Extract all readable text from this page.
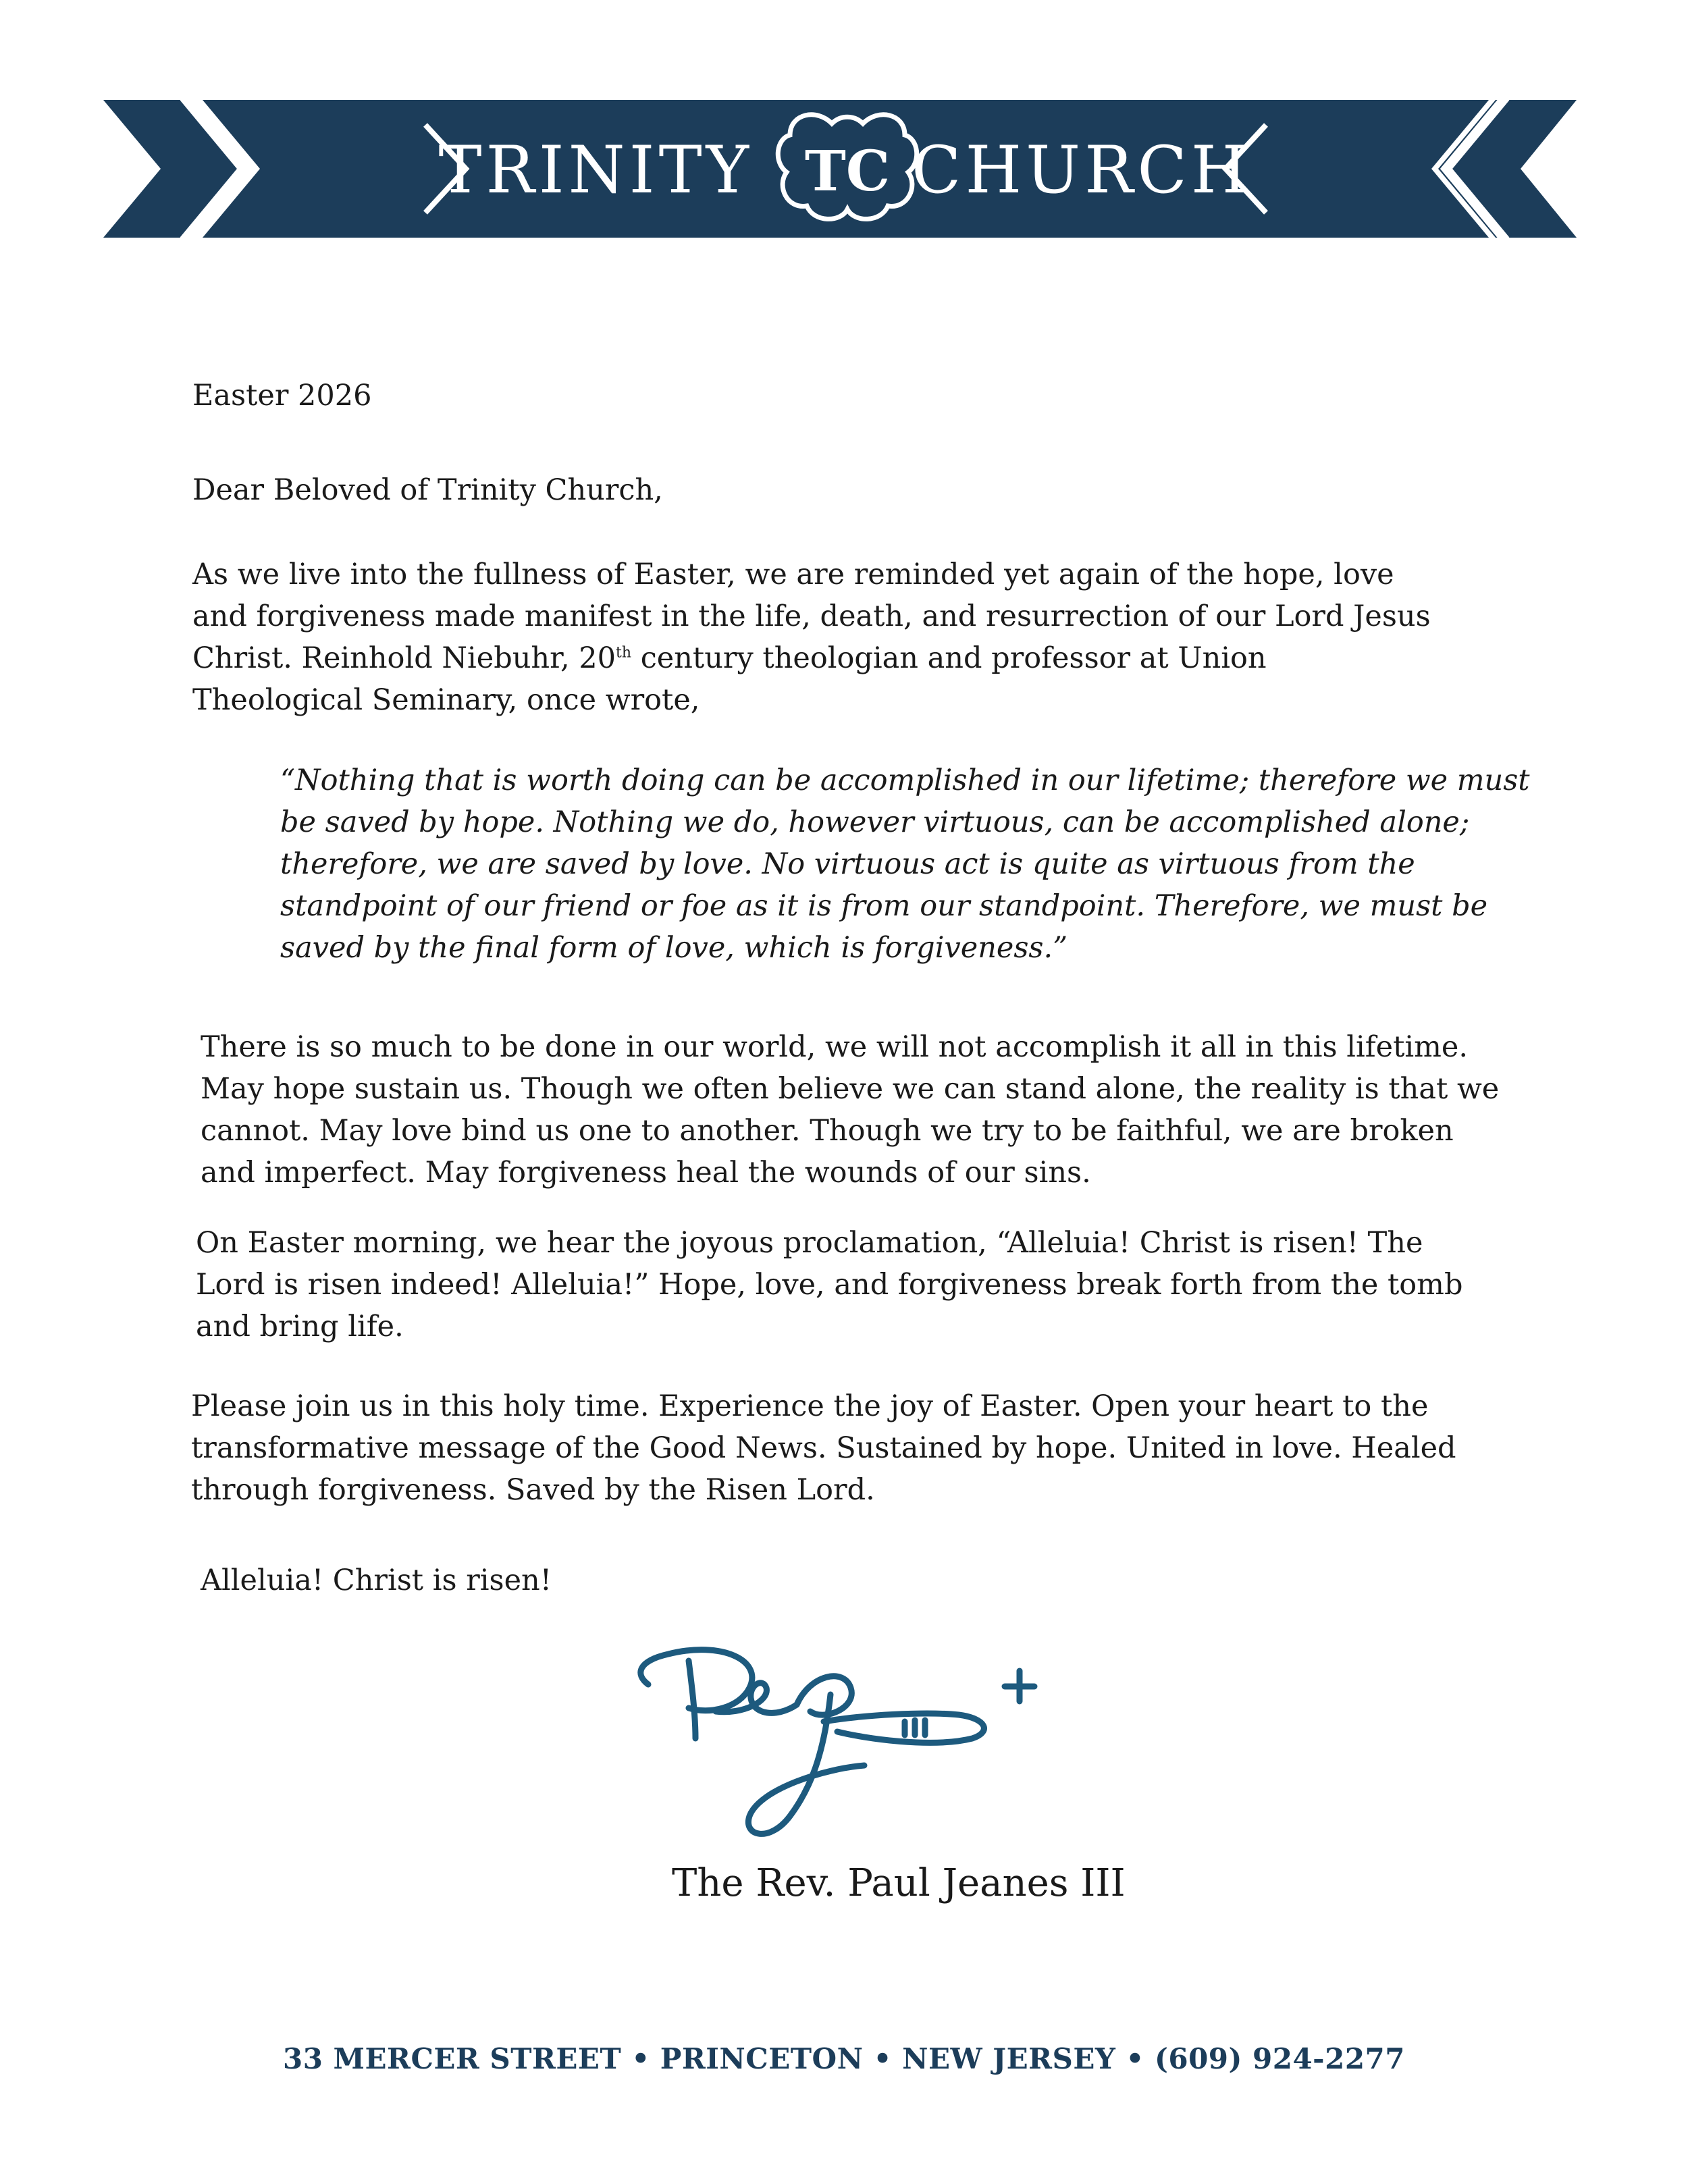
TRINITY CHURCH
TC
Easter 2026
Dear Beloved of Trinity Church,
As we live into the fullness of Easter, we are reminded yet again of the hope, love
and forgiveness made manifest in the life, death, and resurrection of our Lord Jesus
Christ. Reinhold Niebuhr, 20th century theologian and professor at Union
Theological Seminary, once wrote,
“Nothing that is worth doing can be accomplished in our lifetime; therefore we must
be saved by hope. Nothing we do, however virtuous, can be accomplished alone;
therefore, we are saved by love. No virtuous act is quite as virtuous from the
standpoint of our friend or foe as it is from our standpoint. Therefore, we must be
saved by the final form of love, which is forgiveness.”
There is so much to be done in our world, we will not accomplish it all in this lifetime.
May hope sustain us. Though we often believe we can stand alone, the reality is that we
cannot. May love bind us one to another. Though we try to be faithful, we are broken
and imperfect. May forgiveness heal the wounds of our sins.
On Easter morning, we hear the joyous proclamation, “Alleluia! Christ is risen! The
Lord is risen indeed! Alleluia!” Hope, love, and forgiveness break forth from the tomb
and bring life.
Please join us in this holy time. Experience the joy of Easter. Open your heart to the
transformative message of the Good News. Sustained by hope. United in love. Healed
through forgiveness. Saved by the Risen Lord.
Alleluia! Christ is risen!
The Rev. Paul Jeanes III
33 MERCER STREET • PRINCETON • NEW JERSEY • (609) 924-2277
